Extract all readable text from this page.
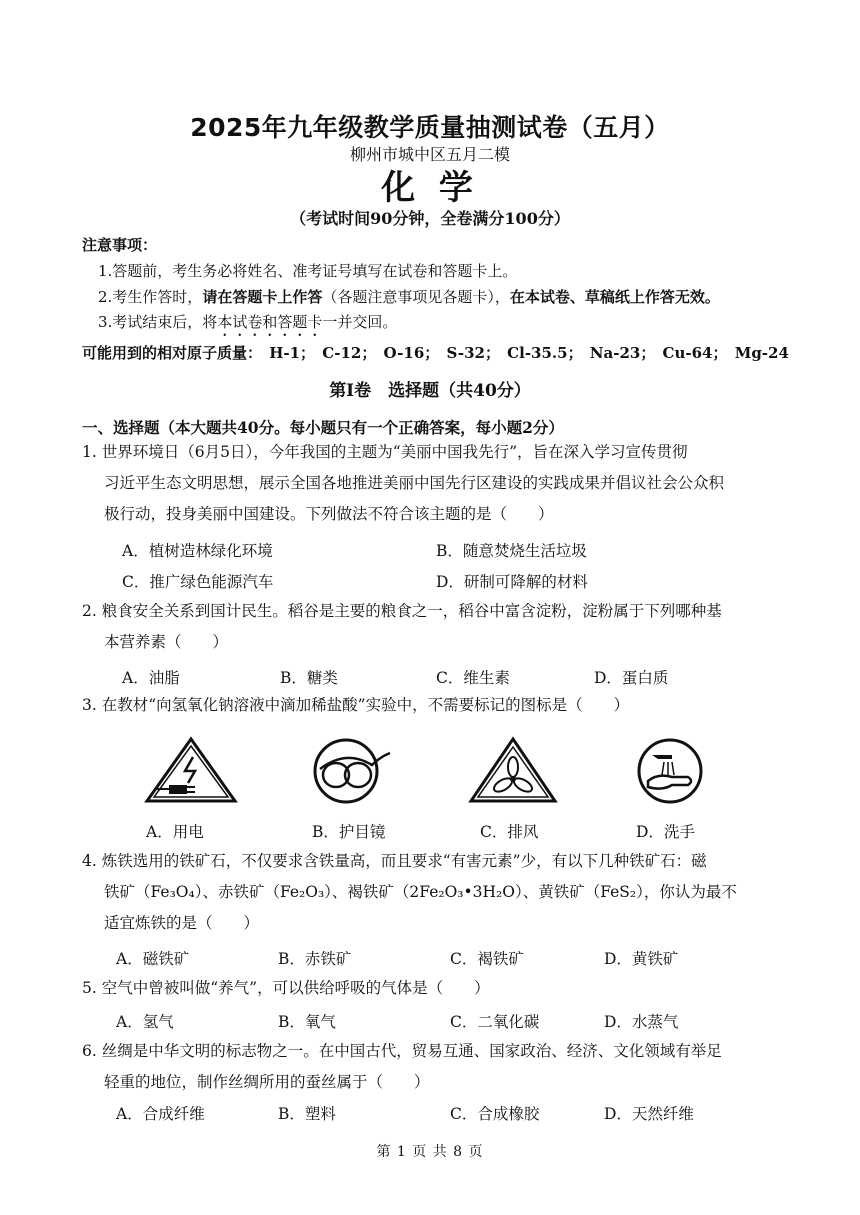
2025年九年级教学质量抽测试卷（五月）
柳州市城中区五月二模
化 学
（考试时间90分钟，全卷满分100分）
注意事项：
1.答题前，考生务必将姓名、准考证号填写在试卷和答题卡上。
2.考生作答时，请在答题卡上作答（各题注意事项见各题卡），在本试卷、草稿纸上作答无效。
3.考试结束后，将本试卷和答题卡一并交回。
可能用到的相对原子质量： H-1； C-12； O-16； S-32； Cl-35.5； Na-23； Cu-64； Mg-24
第I卷　选择题（共40分）
一、选择题（本大题共40分。每小题只有一个正确答案，每小题2分）
1. 世界环境日（6月5日），今年我国的主题为“美丽中国我先行”，旨在深入学习宣传贯彻
习近平生态文明思想，展示全国各地推进美丽中国先行区建设的实践成果并倡议社会公众积
极行动，投身美丽中国建设。下列做法不符合该主题的是（　　）
A．植树造林绿化环境	B．随意焚烧生活垃圾
C．推广绿色能源汽车	D．研制可降解的材料
2. 粮食安全关系到国计民生。稻谷是主要的粮食之一，稻谷中富含淀粉，淀粉属于下列哪种基
本营养素（　　）
A．油脂	B．糖类	C．维生素	D．蛋白质
3. 在教材“向氢氧化钠溶液中滴加稀盐酸”实验中，不需要标记的图标是（　　）
A．用电	B．护目镜	C．排风	D．洗手
4. 炼铁选用的铁矿石，不仅要求含铁量高，而且要求“有害元素”少，有以下几种铁矿石：磁
铁矿（Fe₃O₄）、赤铁矿（Fe₂O₃）、褐铁矿（2Fe₂O₃•3H₂O）、黄铁矿（FeS₂），你认为最不
适宜炼铁的是（　　）
A．磁铁矿	B．赤铁矿	C．褐铁矿	D．黄铁矿
5. 空气中曾被叫做“养气”，可以供给呼吸的气体是（　　）
A．氢气	B．氧气	C．二氧化碳	D．水蒸气
6. 丝绸是中华文明的标志物之一。在中国古代，贸易互通、国家政治、经济、文化领域有举足
轻重的地位，制作丝绸所用的蚕丝属于（　　）
A．合成纤维	B．塑料	C．合成橡胶	D．天然纤维
第 1 页 共 8 页
